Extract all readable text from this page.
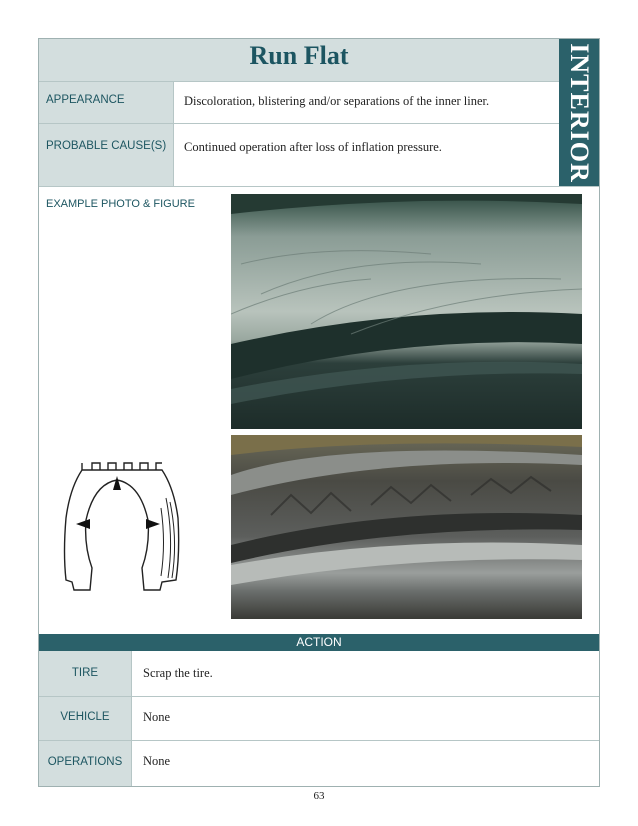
Run Flat	INTERIOR
APPEARANCE	Discoloration, blistering and/or separations of the inner liner.
PROBABLE CAUSE(S) Continued operation after loss of inflation pressure.
EXAMPLE PHOTO & FIGURE
ACTION
TIRE	Scrap the tire.
VEHICLE	None
OPERATIONS	None
63
